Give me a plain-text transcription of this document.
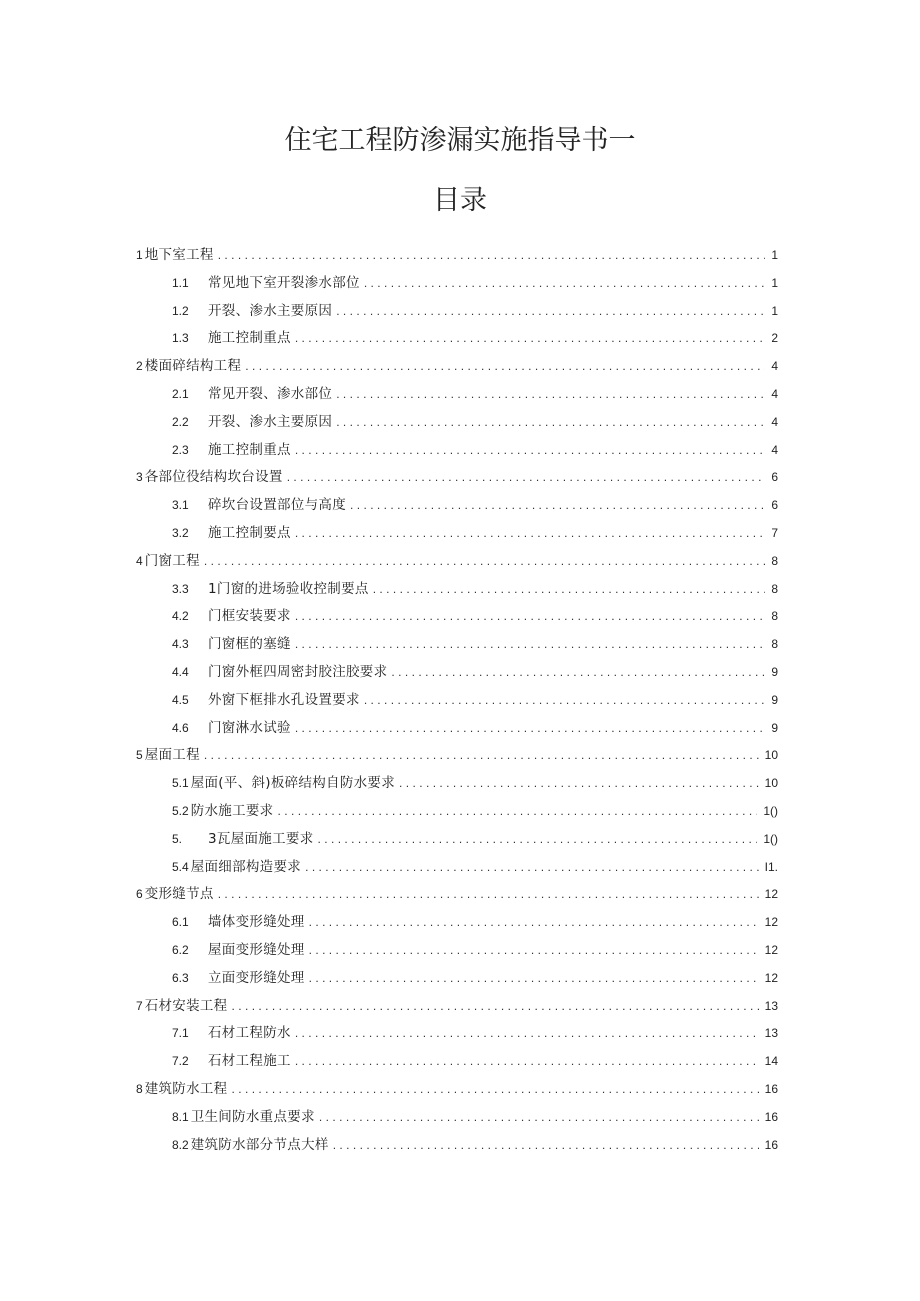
住宅工程防渗漏实施指导书一
目录
1 地下室工程 .....	1
1.1	常见地下室开裂渗水部位 .....	1
1.2	开裂、渗水主要原因 .....	1
1.3	施工控制重点 .....	2
2 楼面碎结构工程 .....	4
2.1	常见开裂、渗水部位 .....	4
2.2	开裂、渗水主要原因 .....	4
2.3	施工控制重点 .....	4
3 各部位役结构坎台设置 .....	6
3.1	碎坎台设置部位与高度 .....	6
3.2	施工控制要点 .....	7
4 门窗工程 .....	8
3.3	1门窗的进场验收控制要点 .....	8
4.2	门框安装要求 .....	8
4.3	门窗框的塞缝 .....	8
4.4	门窗外框四周密封胶注胶要求 .....	9
4.5	外窗下框排水孔设置要求 .....	9
4.6	门窗淋水试验 .....	9
5 屋面工程 .....	10
5.1 屋面(平、斜)板碎结构自防水要求 .....	10
5.2 防水施工要求 .....	1()
5.	3瓦屋面施工要求 .....	1()
5.4 屋面细部构造要求 .....	I1.
6 变形缝节点 .....	12
6.1	墙体变形缝处理 .....	12
6.2	屋面变形缝处理 .....	12
6.3	立面变形缝处理 .....	12
7 石材安装工程 .....	13
7.1	石材工程防水 .....	13
7.2	石材工程施工 .....	14
8 建筑防水工程 .....	16
8.1 卫生间防水重点要求 .....	16
8.2 建筑防水部分节点大样 .....	16
